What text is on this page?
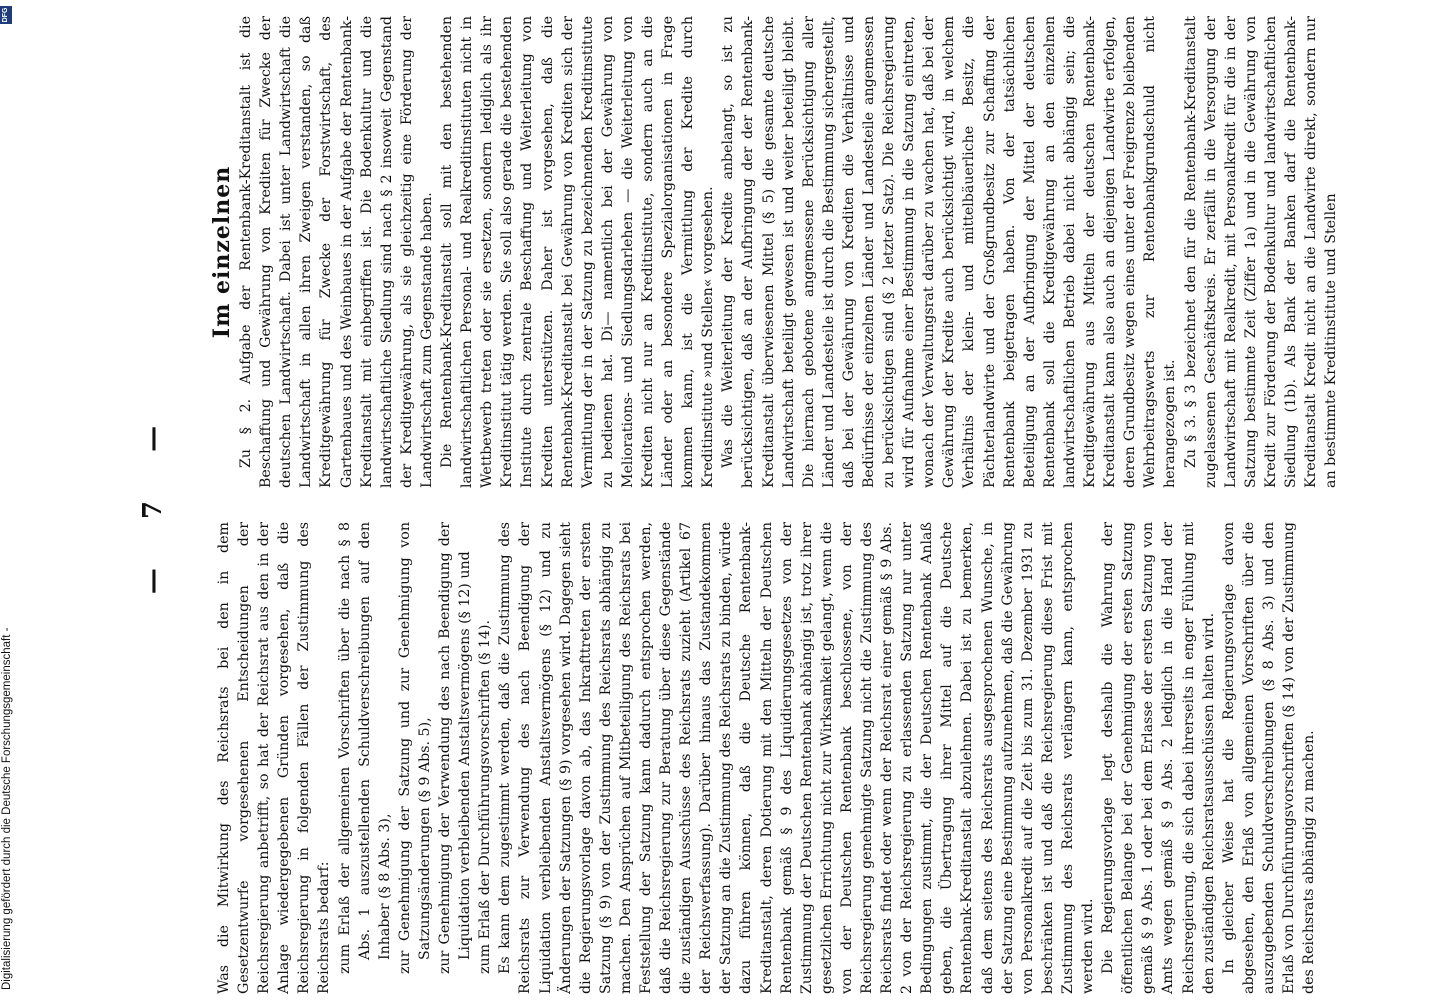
— 7 —

Was die Mitwirkung des Reichsrats bei den in dem Gesetzentwurfe vorgesehenen Entscheidungen der Reichsregierung anbetrifft, so hat der Reichsrat aus den in der Anlage wiedergegebenen Gründen vorgesehen, daß die Reichsregierung in folgenden Fällen der Zustimmung des Reichsrats bedarf: zum Erlaß der allgemeinen Vorschriften über die nach § 8 Abs. 1 auszustellenden Schuldverschreibungen auf den Inhaber (§ 8 Abs. 3), zur Genehmigung der Satzung und zur Genehmigung von Satzungsänderungen (§ 9 Abs. 5), zur Genehmigung der Verwendung des nach Beendigung der Liquidation verbleibenden Anstaltsvermögens (§ 12) und zum Erlaß der Durchführungsvorschriften (§ 14). Es kann dem zugestimmt werden, daß die Zustimmung des Reichsrats zur Verwendung des nach Beendigung der Liquidation verbleibenden Anstaltsvermögens (§ 12) und zu Änderungen der Satzungen (§ 9) vorgesehen wird. Dagegen sieht die Regierungsvorlage davon ab, das Inkrafttreten der ersten Satzung (§ 9) von der Zustimmung des Reichsrats abhängig zu machen. Den Ansprüchen auf Mitbeteiligung des Reichsrats bei Feststellung der Satzung kann dadurch entsprochen werden, daß die Reichsregierung zur Beratung über diese Gegenstände die zuständigen Ausschüsse des Reichsrats zuzieht (Artikel 67 der Reichsverfassung). Darüber hinaus das Zustandekommen der Satzung an die Zustimmung des Reichsrats zu binden, würde dazu führen können, daß die Deutsche Rentenbank-Kreditanstalt, deren Dotierung mit den Mitteln der Deutschen Rentenbank gemäß § 9 des Liquidierungsgesetzes von der Zustimmung der Deutschen Rentenbank abhängig ist, trotz ihrer gesetzlichen Errichtung nicht zur Wirksamkeit gelangt, wenn die von der Deutschen Rentenbank beschlossene, von der Reichsregierung genehmigte Satzung nicht die Zustimmung des Reichsrats findet oder wenn der Reichsrat einer gemäß § 9 Abs. 2 von der Reichsregierung zu erlassenden Satzung nur unter Bedingungen zustimmt, die der Deutschen Rentenbank Anlaß geben, die Übertragung ihrer Mittel auf die Deutsche Rentenbank-Kreditanstalt abzulehnen. Dabei ist zu bemerken, daß dem seitens des Reichsrats ausgesprochenen Wunsche, in der Satzung eine Bestimmung aufzunehmen, daß die Gewährung von Personalkredit auf die Zeit bis zum 31. Dezember 1931 zu beschränken ist und daß die Reichsregierung diese Frist mit Zustimmung des Reichsrats verlängern kann, entsprochen werden wird. Die Regierungsvorlage legt deshalb die Wahrung der öffentlichen Belange bei der Genehmigung der ersten Satzung gemäß § 9 Abs. 1 oder bei dem Erlasse der ersten Satzung von Amts wegen gemäß § 9 Abs. 2 lediglich in die Hand der Reichsregierung, die sich dabei ihrerseits in enger Fühlung mit den zuständigen Reichsratsausschüssen halten wird. In gleicher Weise hat die Regierungsvorlage davon abgesehen, den Erlaß von allgemeinen Vorschriften über die auszugebenden Schuldverschreibungen (§ 8 Abs. 3) und den Erlaß von Durchführungsvorschriften (§ 14) von der Zustimmung des Reichsrats abhängig zu machen.

Im einzelnen Zu § 2. Aufgabe der Rentenbank-Kreditanstalt ist die Beschaffung und Gewährung von Krediten für Zwecke der deutschen Landwirtschaft. Dabei ist unter Landwirtschaft die Landwirtschaft in allen ihren Zweigen verstanden, so daß Kreditgewährung für Zwecke der Forstwirtschaft, des Gartenbaues und des Weinbaues in der Aufgabe der Rentenbank-Kreditanstalt mit einbegriffen ist. Die Bodenkultur und die landwirtschaftliche Siedlung sind nach § 2 insoweit Gegenstand der Kreditgewährung, als sie gleichzeitig eine Förderung der Landwirtschaft zum Gegenstande haben. Die Rentenbank-Kreditanstalt soll mit den bestehenden landwirtschaftlichen Personal- und Realkreditinstituten nicht in Wettbewerb treten oder sie ersetzen, sondern lediglich als ihr Kreditinstitut tätig werden. Sie soll also gerade die bestehenden Institute durch zentrale Beschaffung und Weiterleitung von Krediten unterstützen. Daher ist vorgesehen, daß die Rentenbank-Kreditanstalt bei Gewährung von Krediten sich der Vermittlung der in der Satzung zu bezeichnenden Kreditinstitute zu bedienen hat. Di— namentlich bei der Gewährung von Meliorations- und Siedlungsdarlehen — die Weiterleitung von Krediten nicht nur an Kreditinstitute, sondern auch an die Länder oder an besondere Spezialorganisationen in Frage kommen kann, ist die Vermittlung der Kredite durch Kreditinstitute »und Stellen« vorgesehen. Was die Weiterleitung der Kredite anbelangt, so ist zu berücksichtigen, daß an der Aufbringung der der Rentenbank-Kreditanstalt überwiesenen Mittel (§ 5) die gesamte deutsche Landwirtschaft beteiligt gewesen ist und weiter beteiligt bleibt. Die hiernach gebotene angemessene Berücksichtigung aller Länder und Landesteile ist durch die Bestimmung sichergestellt, daß bei der Gewährung von Krediten die Verhältnisse und Bedürfnisse der einzelnen Länder und Landesteile angemessen zu berücksichtigen sind (§ 2 letzter Satz). Die Reichsregierung wird für Aufnahme einer Bestimmung in die Satzung eintreten, wonach der Verwaltungsrat darüber zu wachen hat, daß bei der Gewährung der Kredite auch berücksichtigt wird, in welchem Verhältnis der klein- und mittelbäuerliche Besitz, die Pächterlandwirte und der Großgrundbesitz zur Schaffung der Rentenbank beigetragen haben. Von der tatsächlichen Beteiligung an der Aufbringung der Mittel der deutschen Rentenbank soll die Kreditgewährung an den einzelnen landwirtschaftlichen Betrieb dabei nicht abhängig sein; die Kreditgewährung aus Mitteln der deutschen Rentenbank-Kreditanstalt kann also auch an diejenigen Landwirte erfolgen, deren Grundbesitz wegen eines unter der Freigrenze bleibenden Wehrbeitragswerts zur Rentenbankgrundschuld nicht herangezogen ist. Zu § 3. § 3 bezeichnet den für die Rentenbank-Kreditanstalt zugelassenen Geschäftskreis. Er zerfällt in die Versorgung der Landwirtschaft mit Realkredit, mit Personalkredit für die in der Satzung bestimmte Zeit (Ziffer 1a) und in die Gewährung von Kredit zur Förderung der Bodenkultur und landwirtschaftlichen Siedlung (1b). Als Bank der Banken darf die Rentenbank-Kreditanstalt Kredit nicht an die Landwirte direkt, sondern nur an bestimmte Kreditinstitute und Stellen

Digitalisierung gefördert durch die Deutsche Forschungsgemeinschaft -
DFG
